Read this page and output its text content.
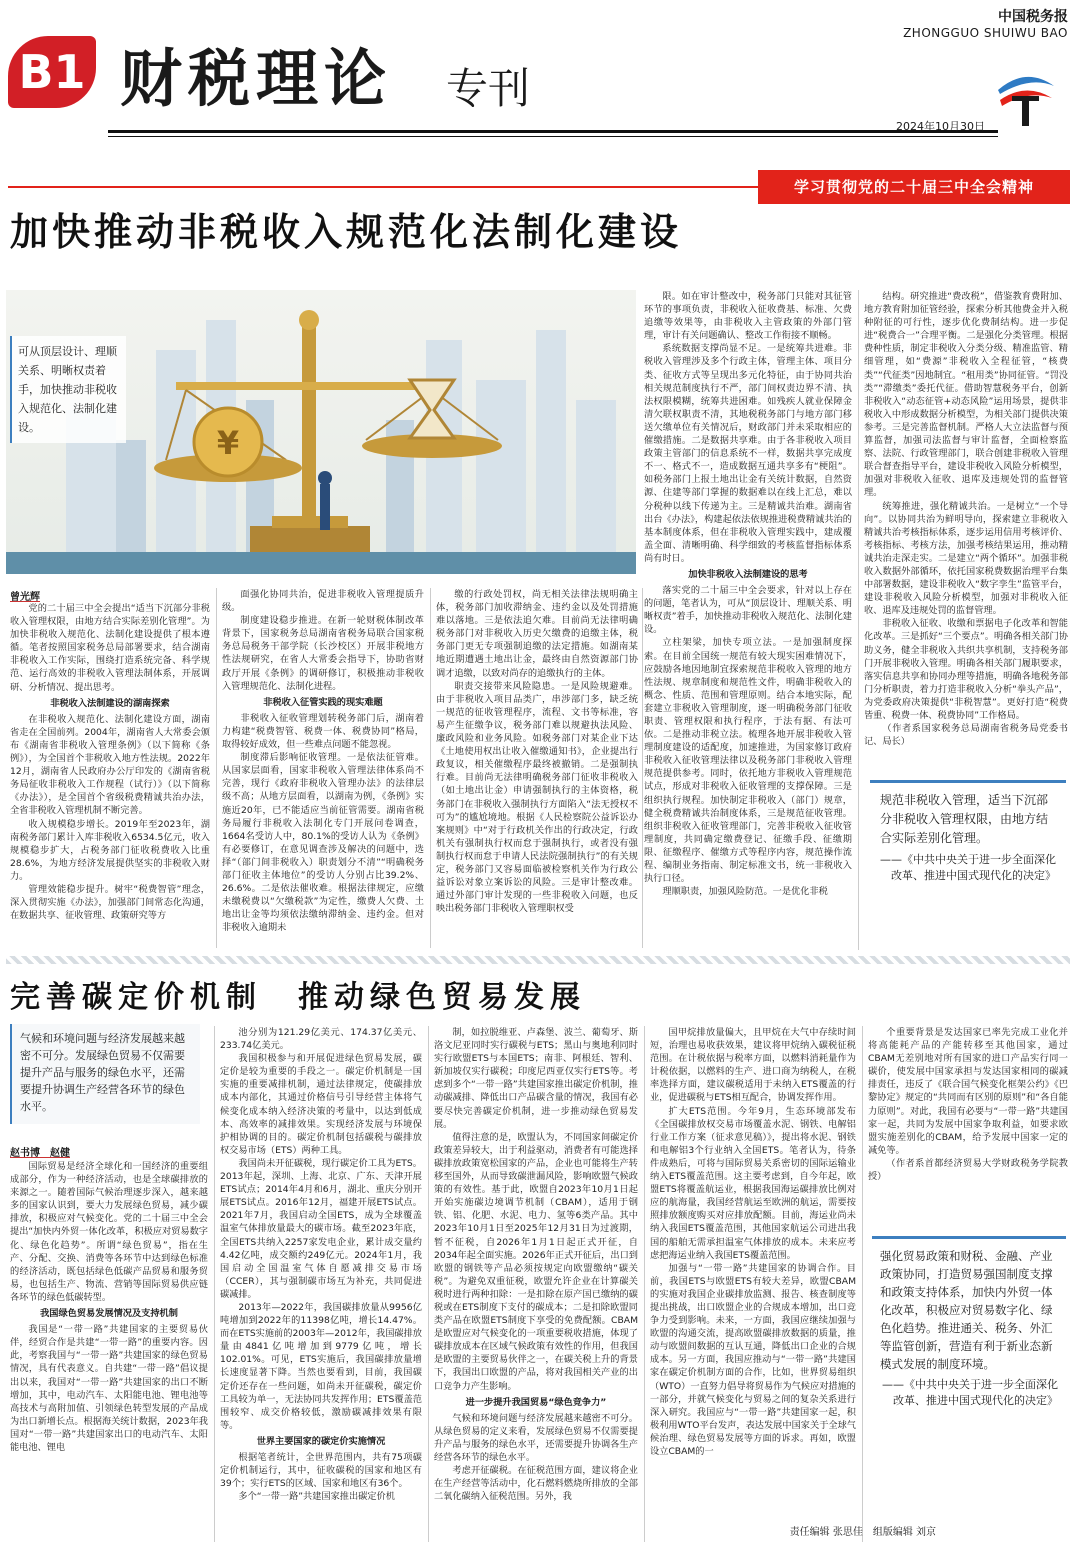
B1 财税理论 专刊
中国税务报
ZHONGGUO SHUIWU BAO
2024年10月30日
学习贯彻党的二十届三中全会精神
加快推动非税收入规范化法制化建设
¥
可从顶层设计、理顺关系、明晰权责着手，加快推动非税收入规范化、法制化建设。

限。如在审计整改中，税务部门只能对其征管环节的事项负责，非税收入征收费基、标准、欠费追缴等效果等，由非税收入主管政策的外部门管理，审计有关问题确认、整改工作衔接不顺畅。

系统数据支撑尚显不足。一是统筹共进难。非税收入管理涉及多个行政主体，管理主体、项目分类、征收方式等呈现出多元化特征，由于协同共治相关规范制度执行不严，部门间权责边界不清、执法权限模糊，统筹共进困难。如残疾人就业保障金清欠联权职责不清，其地税税务部门与地方部门移送欠缴单位有关情况后，财政部门并未采取相应的催缴措施。二是数据共享难。由于各非税收入项目政策主管部门的信息系统不一样，数据共享完成度不一、格式不一，造成数据互通共享多有“梗阻”。如税务部门上报土地出让金有关统计数据，自然资源、住建等部门掌握的数据难以在线上汇总，难以分税种以线下传递为主。三是精诚共治难。湖南省出台《办法》，构建起依法依规推进税费精诚共治的基本制度体系，但在非税收入管理实践中，建成覆盖全面、清晰明确、科学细致的考核监督指标体系尚有时日。

加快非税收入法制建设的思考

落实党的二十届三中全会要求，针对以上存在的问题，笔者认为，可从“顶层设计、理顺关系、明晰权责”着手，加快推动非税收入规范化、法制化建设。

立柱架梁，加快专项立法。一是加强制度探索。在目前全国统一规范有较大现实困难情况下，应鼓励各地因地制宜探索规范非税收入管理的地方性法规、规章制度和规范性文件，明确非税收入的概念、性质、范围和管理原则。结合本地实际，配套建立非税收入管理制度，逐一明确税务部门征收职责、管理权限和执行程序，于法有据、有法可依。二是推动非税立法。梳理各地开展非税收入管理制度建设的适配度，加速推进，为国家修订政府非税收入征收管理法律以及税务部门非税收入管理规范提供参考。同时，依托地方非税收入管理规范试点，形成对非税收入征收管理的支撑保障。三是组织执行规程。加快制定非税收入（部门）规章，健全税费精诚共治制度体系，三是规范征收管理。组织非税收入征收管理部门，完善非税收入征收管理制度，共同确定缴费登记、征缴手段、征缴期限、征缴程序、催缴方式等程序内容，规范操作流程、编制业务指南、制定标准文书，统一非税收入执行口径。

理顺职责，加强风险防范。一是优化非税

结构。研究推进“费改税”，借鉴教育费附加、地方教育附加征管经验，探索分析其他费金并入税种附征的可行性，逐步优化费制结构。进一步促进“税费合一”合理平衡。二是强化分类管理。根据费种性质，制定非税收入分类分级、精准监管、精细管理，如“费源”非税收入全程征管，“核费类”“代征类”因地制宜。“租用类”协同征管。“罚没类”“滞缴类”委托代征。借助智慧税务平台，创新非税收入“动态征管+动态风险”运用场景，提供非税收入中形成数据分析模型，为相关部门提供决策参考。三是完善监督机制。严格人大立法监督与预算监督，加强司法监督与审计监督，全面检察监察、法院、行政管理部门，联合创建非税收入管理联合督查指导平台，建设非税收入风险分析模型，加强对非税收入征收、退库及违规处罚的监督管理。

统筹推进，强化精诚共治。一是树立“一个导向”。以协同共治为鲜明导向，探索建立非税收入精诚共治考核指标体系，逐步运用信用考核评价、考核指标、考核方法，加强考核结果运用，推动精诚共治走深走实。二是建立“两个循环”。加强非税收入数据外部循环，依托国家税费数据治理平台集中部署数据，建设非税收入“数字孪生”监管平台，建设非税收入风险分析模型，加强对非税收入征收、退库及违规处罚的监督管理。

非税收入征收、收缴和票据电子化改革和智能化改革。三是抓好“三个要点”。明确各相关部门协助义务，健全非税收入共织共享机制，支持税务部门开展非税收入管理。明确各相关部门履职要求，落实信息共享和协同办理等措施，明确各地税务部门分析职责，着力打造非税收入分析“拳头产品”，为党委政府决策提供“非税智慧”。更好打造“税费皆重、税费一体、税费协同”工作格局。

（作者系国家税务总局湖南省税务局党委书记、局长）

规范非税收入管理，适当下沉部分非税收入管理权限，由地方结合实际差别化管理。
——《中共中央关于进一步全面深化改革、推进中国式现代化的决定》
曾光辉

党的二十届三中全会提出“适当下沉部分非税收入管理权限，由地方结合实际差别化管理”。为加快非税收入规范化、法制化建设提供了根本遵循。笔者按照国家税务总局部署要求，结合湖南非税收入工作实际，围绕打造系统完备、科学规范、运行高效的非税收入管理法制体系，开展调研、分析情况、提出思考。

非税收入法制建设的湖南探索

在非税收入规范化、法制化建设方面，湖南省走在全国前列。2004年，湖南省人大常委会颁布《湖南省非税收入管理条例》（以下简称《条例》），为全国首个非税收入地方性法规。2022年12月，湖南省人民政府办公厅印发的《湖南省税务局征收非税收入工作规程（试行）》（以下简称《办法》），是全国首个省级税费精诚共治办法，全省非税收入管理机制不断完善。

收入规模稳步增长。2019年至2023年，湖南税务部门累计入库非税收入6534.5亿元，收入规模稳步扩大，占税务部门征收税费收入比重28.6%，为地方经济发展提供坚实的非税收入财力。

管理效能稳步提升。树牢“税费智管”理念，深入贯彻实施《办法》，加强部门间常态化沟通，在数据共享、征收管理、政策研究等方

面强化协同共治，促进非税收入管理提质升级。

制度建设稳步推进。在新一轮财税体制改革背景下，国家税务总局湖南省税务局联合国家税务总局税务干部学院（长沙校区）开展非税地方性法规研究，在省人大常委会指导下，协助省财政厅开展《条例》的调研修订，积极推动非税收入管理规范化、法制化进程。

非税收入征管实践的现实难题

非税收入征收管理划转税务部门后，湖南着力构建“税费智管、税费一体、税费协同”格局，取得较好成效，但一些难点问题不能忽视。

制度滞后影响征收管理。一是依法征管难。从国家层面看，国家非税收入管理法律体系尚不完善，现行《政府非税收入管理办法》的法律层级不高；从地方层面看，以湖南为例，《条例》实施近20年，已不能适应当前征管需要。湖南省税务局履行非税收入法制化专门开展问卷调查，1664名受访人中，80.1%的受访人认为《条例》有必要修订，在意见调查涉及解决的问题中，选择“（部门间非税收入）职责划分不清”“明确税务部门征收主体地位”的受访人分别占比39.2%、26.6%。二是依法催收难。根据法律规定，应缴未缴税费以“欠缴税款”为定性，缴费人欠费、土地出让金等均须依法缴纳滞纳金、违约金。但对非税收入逾期未

缴的行政处罚权，尚无相关法律法规明确主体，税务部门加收滞纳金、违约金以及处罚措施难以落地。三是依法追欠难。目前尚无法律明确税务部门对非税收入历史欠缴费的追缴主体，税务部门更无专项强制追缴的法定措施。如湖南某地近期遭遇土地出让金，最终由自然资源部门协调才追缴，以致对尚存的追缴执行的主体。

职责交接带来风险隐患。一是风险规避难。由于非税收入项目品类广，串涉部门多，缺乏统一规范的征收管理程序，流程、文书等标准，容易产生征缴争议，税务部门难以规避执法风险、廉政风险和业务风险。如税务部门对某企业下达《土地使用权出让收入催缴通知书》，企业提出行政复议，相关催缴程序最终被撤销。二是强制执行难。目前尚无法律明确税务部门征收非税收入（如土地出让金）申请强制执行的主体资格，税务部门在非税收入强制执行方面陷入“法无授权不可为”的尴尬境地。根据《人民检察院公益诉讼办案规则》中“对于行政机关作出的行政决定，行政机关有强制执行权而怠于强制执行，或者没有强制执行权而怠于申请人民法院强制执行”的有关规定，税务部门又容易面临被检察机关作为行政公益诉讼对象立案诉讼的风险。三是审计整改难。通过外部门审计发现的一些非税收入问题，也反映出税务部门非税收入管理职权受

完善碳定价机制　推动绿色贸易发展
气候和环境问题与经济发展越来越密不可分。发展绿色贸易不仅需要提升产品与服务的绿色水平，还需要提升协调生产经营各环节的绿色水平。
赵书博　赵健

国际贸易是经济全球化和一国经济的重要组成部分，作为一种经济活动，也是全球碳排放的来源之一。随着国际气候治理逐步深入，越来越多的国家认识到，要大力发展绿色贸易，减少碳排放，积极应对气候变化。党的二十届三中全会提出“加快内外贸一体化改革，积极应对贸易数字化、绿色化趋势”。所谓“绿色贸易”，指在生产、分配、交换、消费等各环节中达到绿色标准的经济活动，既包括绿色低碳产品贸易和服务贸易，也包括生产、物流、营销等国际贸易供应链各环节的绿色低碳转型。

我国绿色贸易发展情况及支持机制

我国是“一带一路”共建国家的主要贸易伙伴，经贸合作是共建“一带一路”的重要内容。因此，考察我国与“一带一路”共建国家的绿色贸易情况，具有代表意义。自共建“一带一路”倡议提出以来，我国对“一带一路”共建国家的出口不断增加，其中，电动汽车、太阳能电池、锂电池等高技术与高附加值、引领绿色转型发展的产品成为出口新增长点。根据海关统计数据，2023年我国对“一带一路”共建国家出口的电动汽车、太阳能电池、锂电

池分别为121.29亿美元、174.37亿美元、233.74亿美元。

我国积极参与和开展促进绿色贸易发展，碳定价是较为重要的手段之一。碳定价机制是一国实施的重要减排机制，通过法律规定，使碳排放成本内部化，其通过价格信号引导经营主体将气候变化成本纳入经济决策的考量中，以达到低成本、高效率的减排效果。实现经济发展与环境保护相协调的目的。碳定价机制包括碳税与碳排放权交易市场（ETS）两种工具。

我国尚未开征碳税，现行碳定价工具为ETS。2013年起，深圳、上海、北京、广东、天津开展ETS试点；2014年4月和6月，湖北、重庆分别开展ETS试点。2016年12月，福建开展ETS试点。2021年7月，我国启动全国ETS，成为全球覆盖温室气体排放量最大的碳市场。截至2023年底，全国ETS共纳入2257家发电企业，累计成交量约4.42亿吨，成交额约249亿元。2024年1月，我国启动全国温室气体自愿减排交易市场（CCER），其与强制碳市场互为补充，共同促进碳减排。

2013年—2022年，我国碳排放量从9956亿吨增加到2022年的11398亿吨，增长14.47%。而在ETS实施前的2003年—2012年，我国碳排放量由4841亿吨增加到9779亿吨，增长102.01%。可见，ETS实施后，我国碳排放量增长速度显著下降。当然也要看到，目前，我国碳定价还存在一些问题，如尚未开征碳税，碳定价工具较为单一，无法协同共发挥作用；ETS覆盖范围较窄、成交价格较低，激励碳减排效果有限等。

世界主要国家的碳定价实施情况

根据笔者统计，全世界范围内，共有75项碳定价机制运行，其中，征收碳税的国家和地区有39个；实行ETS的区域、国家和地区有36个。

多个“一带一路”共建国家推出碳定价机

制，如拉脱维亚、卢森堡、波兰、葡萄牙、斯洛文尼亚同时实行碳税与ETS；黑山与奥地利同时实行欧盟ETS与本国ETS；南非、阿根廷、智利、新加坡仅实行碳税；印度尼西亚仅实行ETS等。考虑到多个“一带一路”共建国家推出碳定价机制，推动碳减排、降低出口产品碳含量的情况，我国有必要尽快完善碳定价机制，进一步推动绿色贸易发展。

值得注意的是，欧盟认为，不同国家间碳定价政策差异较大，出于利益驱动，消费者有可能选择碳排放政策宽松国家的产品，企业也可能将生产转移至国外，从而导致碳泄漏风险，影响欧盟气候政策的有效性。基于此，欧盟自2023年10月1日起开始实施碳边境调节机制（CBAM），适用于钢铁、铝、化肥、水泥、电力、氢等6类产品。其中2023年10月1日至2025年12月31日为过渡期，暂不征税，自2026年1月1日起正式开征，自2034年起全面实施。2026年正式开征后，出口到欧盟的钢铁等产品必须按规定向欧盟缴纳“碳关税”。为避免双重征税，欧盟允许企业在计算碳关税时进行两种扣除：一是扣除在原产国已缴纳的碳税或在ETS制度下支付的碳成本；二是扣除欧盟同类产品在欧盟ETS制度下享受的免费配额。CBAM是欧盟应对气候变化的一项重要税收措施，体现了碳排放成本在区域气候政策有效性的作用，但我国是欧盟的主要贸易伙伴之一，在碳关税上升的背景下，我国出口欧盟的产品，将对我国相关产业的出口竞争力产生影响。

进一步提升我国贸易“绿色竞争力”

气候和环境问题与经济发展越来越密不可分。从绿色贸易的定义来看，发展绿色贸易不仅需要提升产品与服务的绿色水平，还需要提升协调各生产经营各环节的绿色水平。

考虑开征碳税。在征税范围方面，建议将企业在生产经营等活动中，化石燃料燃烧所排放的全部二氧化碳纳入征税范围。另外，我

国甲烷排放量偏大，且甲烷在大气中存续时间短，治理也易收获效果，建议将甲烷纳入碳税征税范围。在计税依据与税率方面，以燃料消耗量作为计税依据，以燃料的生产、进口商为纳税人，在税率选择方面，建议碳税适用于未纳入ETS覆盖的行业，促进碳税与ETS相互配合，协调发挥作用。

扩大ETS范围。今年9月，生态环境部发布《全国碳排放权交易市场覆盖水泥、钢铁、电解铝行业工作方案（征求意见稿）》，提出将水泥、钢铁和电解铝3个行业纳入全国ETS。笔者认为，待条件成熟后，可将与国际贸易关系密切的国际运输业纳入ETS覆盖范围。这主要考虑到，自今年起，欧盟ETS将覆盖航运业，根据我国海运碳排放比例对应的航海量，我国经营航运至欧洲的航运，需要按照排放额度购买对应排放配额。目前，海运业尚未纳入我国ETS覆盖范围，其他国家航运公司进出我国的船舶无需承担温室气体排放的成本。未来应考虑把海运业纳入我国ETS覆盖范围。

加强与“一带一路”共建国家的协调合作。目前，我国ETS与欧盟ETS有较大差异，欧盟CBAM的实施对我国企业碳排放监测、报告、核查制度等提出挑战，出口欧盟企业的合规成本增加，出口竞争力受到影响。未来，一方面，我国应继续加强与欧盟的沟通交流，提高欧盟碳排放数据的质量，推动与欧盟间数据的互认互通，降低出口企业的合规成本。另一方面，我国应推动与“一带一路”共建国家在碳定价机制方面的合作，比如，世界贸易组织（WTO）一直努力倡导将贸易作为气候应对措施的一部分，并就气候变化与贸易之间的复杂关系进行深入研究。我国应与“一带一路”共建国家一起，积极利用WTO平台发声，表达发展中国家关于全球气候治理、绿色贸易发展等方面的诉求。再如，欧盟设立CBAM的一

个重要背景是发达国家已率先完成工业化并将高能耗产品的产能转移至其他国家，通过CBAM无差别地对所有国家的进口产品实行同一碳价，使发展中国家承担与发达国家相同的碳减排责任，违反了《联合国气候变化框架公约》《巴黎协定》规定的“共同而有区别的原则”和“各自能力原则”。对此，我国有必要与“一带一路”共建国家一起，共同为发展中国家争取利益，如要求欧盟实施差别化的CBAM，给予发展中国家一定的减免等。

（作者系首都经济贸易大学财政税务学院教授）

强化贸易政策和财税、金融、产业政策协同，打造贸易强国制度支撑和政策支持体系，加快内外贸一体化改革，积极应对贸易数字化、绿色化趋势。推进通关、税务、外汇等监管创新，营造有利于新业态新模式发展的制度环境。
——《中共中央关于进一步全面深化改革、推进中国式现代化的决定》
责任编辑 张思佳　组版编辑 刘京
